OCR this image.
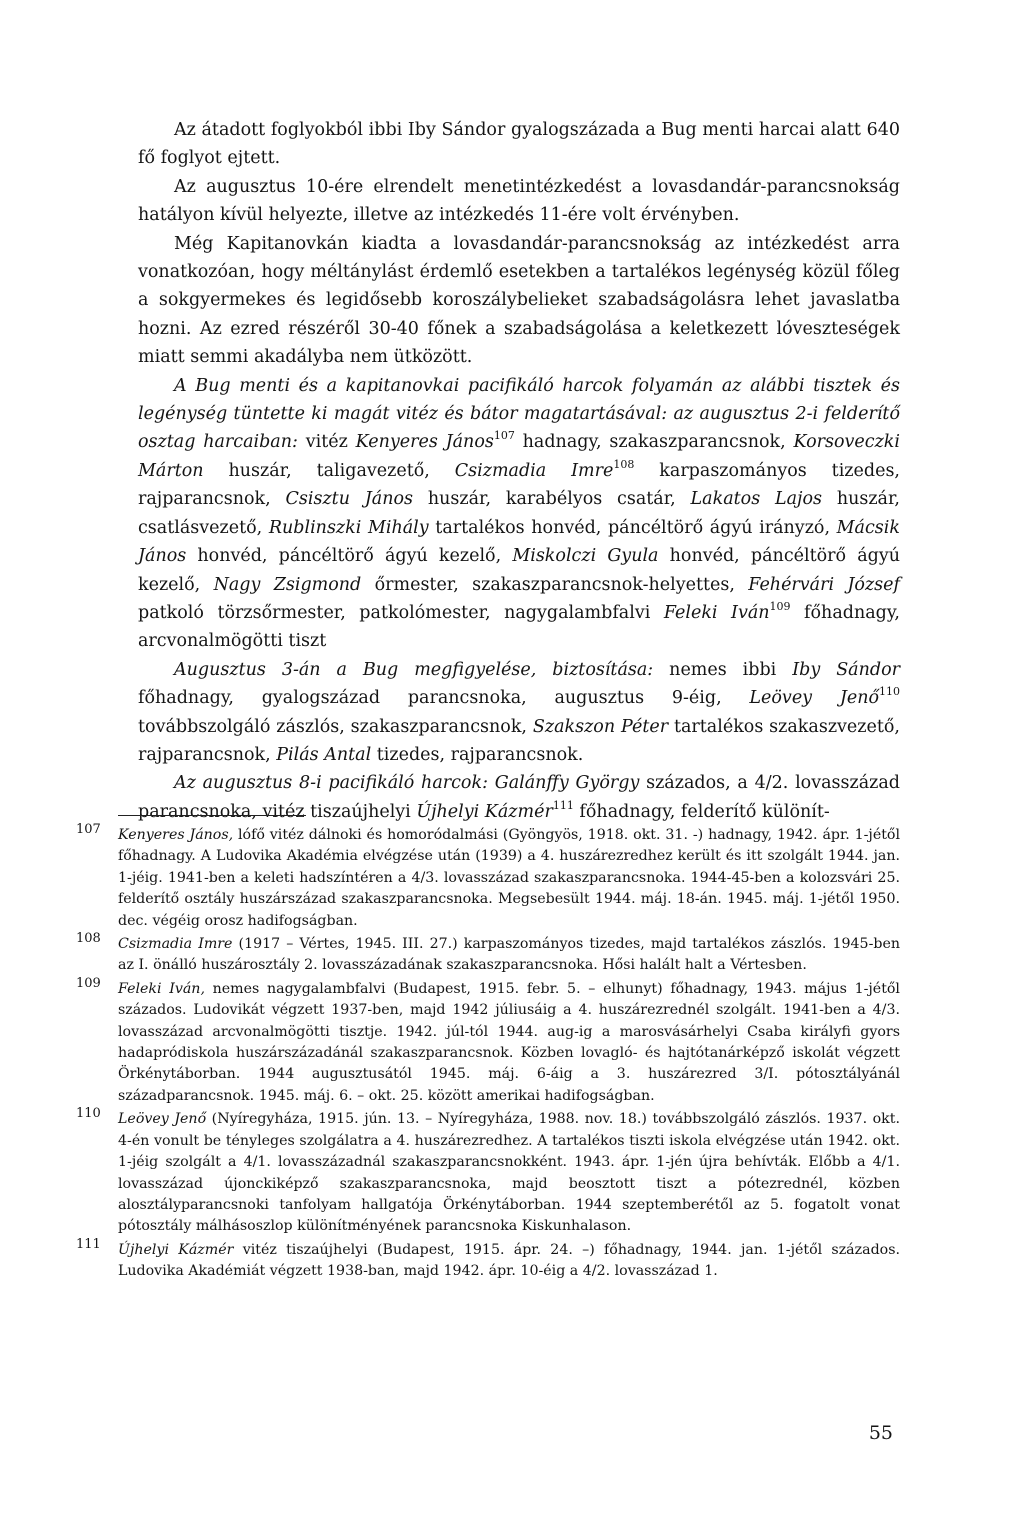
Az átadott foglyokból ibbi Iby Sándor gyalogszázada a Bug menti harcai alatt 640 fő foglyot ejtett.

Az augusztus 10-ére elrendelt menetintézkedést a lovasdandár-parancsnokság hatályon kívül helyezte, illetve az intézkedés 11-ére volt érvényben.

Még Kapitanovkán kiadta a lovasdandár-parancsnokság az intézkedést arra vonatkozóan, hogy méltánylást érdemlő esetekben a tartalékos legénység közül főleg a sokgyermekes és legidősebb koroszálybelieket szabadságolásra lehet javaslatba hozni. Az ezred részéről 30-40 főnek a szabadságolása a keletkezett lóveszteségek miatt semmi akadályba nem ütközött.

A Bug menti és a kapitanovkai pacifikáló harcok folyamán az alábbi tisztek és legénység tüntette ki magát vitéz és bátor magatartásával: az augusztus 2-i felderítő osztag harcaiban: vitéz Kenyeres János$^{107}$ hadnagy, szakaszparancsnok, Korsoveczki Márton huszár, taligavezető, Csizmadia Imre$^{108}$ karpaszományos tizedes, rajparancsnok, Csisztu János huszár, karabélyos csatár, Lakatos Lajos huszár, csatlásvezető, Rublinszki Mihály tartalékos honvéd, páncéltörő ágyú irányzó, Mácsik János honvéd, páncéltörő ágyú kezelő, Miskolczi Gyula honvéd, páncéltörő ágyú kezelő, Nagy Zsigmond őrmester, szakaszparancsnok-helyettes, Fehérvári József patkoló törzsőrmester, patkolómester, nagygalambfalvi Feleki Iván$^{109}$ főhadnagy, arcvonalmögötti tiszt

Augusztus 3-án a Bug megfigyelése, biztosítása: nemes ibbi Iby Sándor főhadnagy, gyalogszázad parancsnoka, augusztus 9-éig, Leövey Jenő$^{110}$ továbbszolgáló zászlós, szakaszparancsnok, Szakszon Péter tartalékos szakaszvezető, rajparancsnok, Pilás Antal tizedes, rajparancsnok.

Az augusztus 8-i pacifikáló harcok: Galánffy György százados, a 4/2. lovasszázad parancsnoka, vitéz tiszaújhelyi Újhelyi Kázmér$^{111}$ főhadnagy, felderítő különít-

107 Kenyeres János, lófő vitéz dálnoki és homoródalmási (Gyöngyös, 1918. okt. 31. -) hadnagy, 1942. ápr. 1-jétől főhadnagy. A Ludovika Akadémia elvégzése után (1939) a 4. huszárezredhez került és itt szolgált 1944. jan. 1-jéig. 1941-ben a keleti hadszíntéren a 4/3. lovasszázad szakaszparancsnoka. 1944-45-ben a kolozsvári 25. felderítő osztály huszárszázad szakaszparancsnoka. Megsebesült 1944. máj. 18-án. 1945. máj. 1-jétől 1950. dec. végéig orosz hadifogságban.
108 Csizmadia Imre (1917 – Vértes, 1945. III. 27.) karpaszományos tizedes, majd tartalékos zászlós. 1945-ben az I. önálló huszárosztály 2. lovasszázadának szakaszparancsnoka. Hősi halált halt a Vértesben.
109 Feleki Iván, nemes nagygalambfalvi (Budapest, 1915. febr. 5. – elhunyt) főhadnagy, 1943. május 1-jétől százados. Ludovikát végzett 1937-ben, majd 1942 júliusáig a 4. huszárezrednél szolgált. 1941-ben a 4/3. lovasszázad arcvonalmögötti tisztje. 1942. júl-tól 1944. aug-ig a marosvásárhelyi Csaba királyfi gyors hadapródiskola huszárszázadánál szakaszparancsnok. Közben lovagló- és hajtótanárképző iskolát végzett Örkénytáborban. 1944 augusztusától 1945. máj. 6-áig a 3. huszárezred 3/I. pótosztályánál századparancsnok. 1945. máj. 6. – okt. 25. között amerikai hadifogságban.
110 Leövey Jenő (Nyíregyháza, 1915. jún. 13. – Nyíregyháza, 1988. nov. 18.) továbbszolgáló zászlós. 1937. okt. 4-én vonult be tényleges szolgálatra a 4. huszárezredhez. A tartalékos tiszti iskola elvégzése után 1942. okt. 1-jéig szolgált a 4/1. lovasszázadnál szakaszparancsnokként. 1943. ápr. 1-jén újra behívták. Előbb a 4/1. lovasszázad újonckiképző szakaszparancsnoka, majd beosztott tiszt a pótezrednél, közben alosztályparancsnoki tanfolyam hallgatója Örkénytáborban. 1944 szeptemberétől az 5. fogatolt vonat pótosztály málhásoszlop különítményének parancsnoka Kiskunhalason.
111 Újhelyi Kázmér vitéz tiszaújhelyi (Budapest, 1915. ápr. 24. –) főhadnagy, 1944. jan. 1-jétől százados. Ludovika Akadémiát végzett 1938-ban, majd 1942. ápr. 10-éig a 4/2. lovasszázad 1.
55
